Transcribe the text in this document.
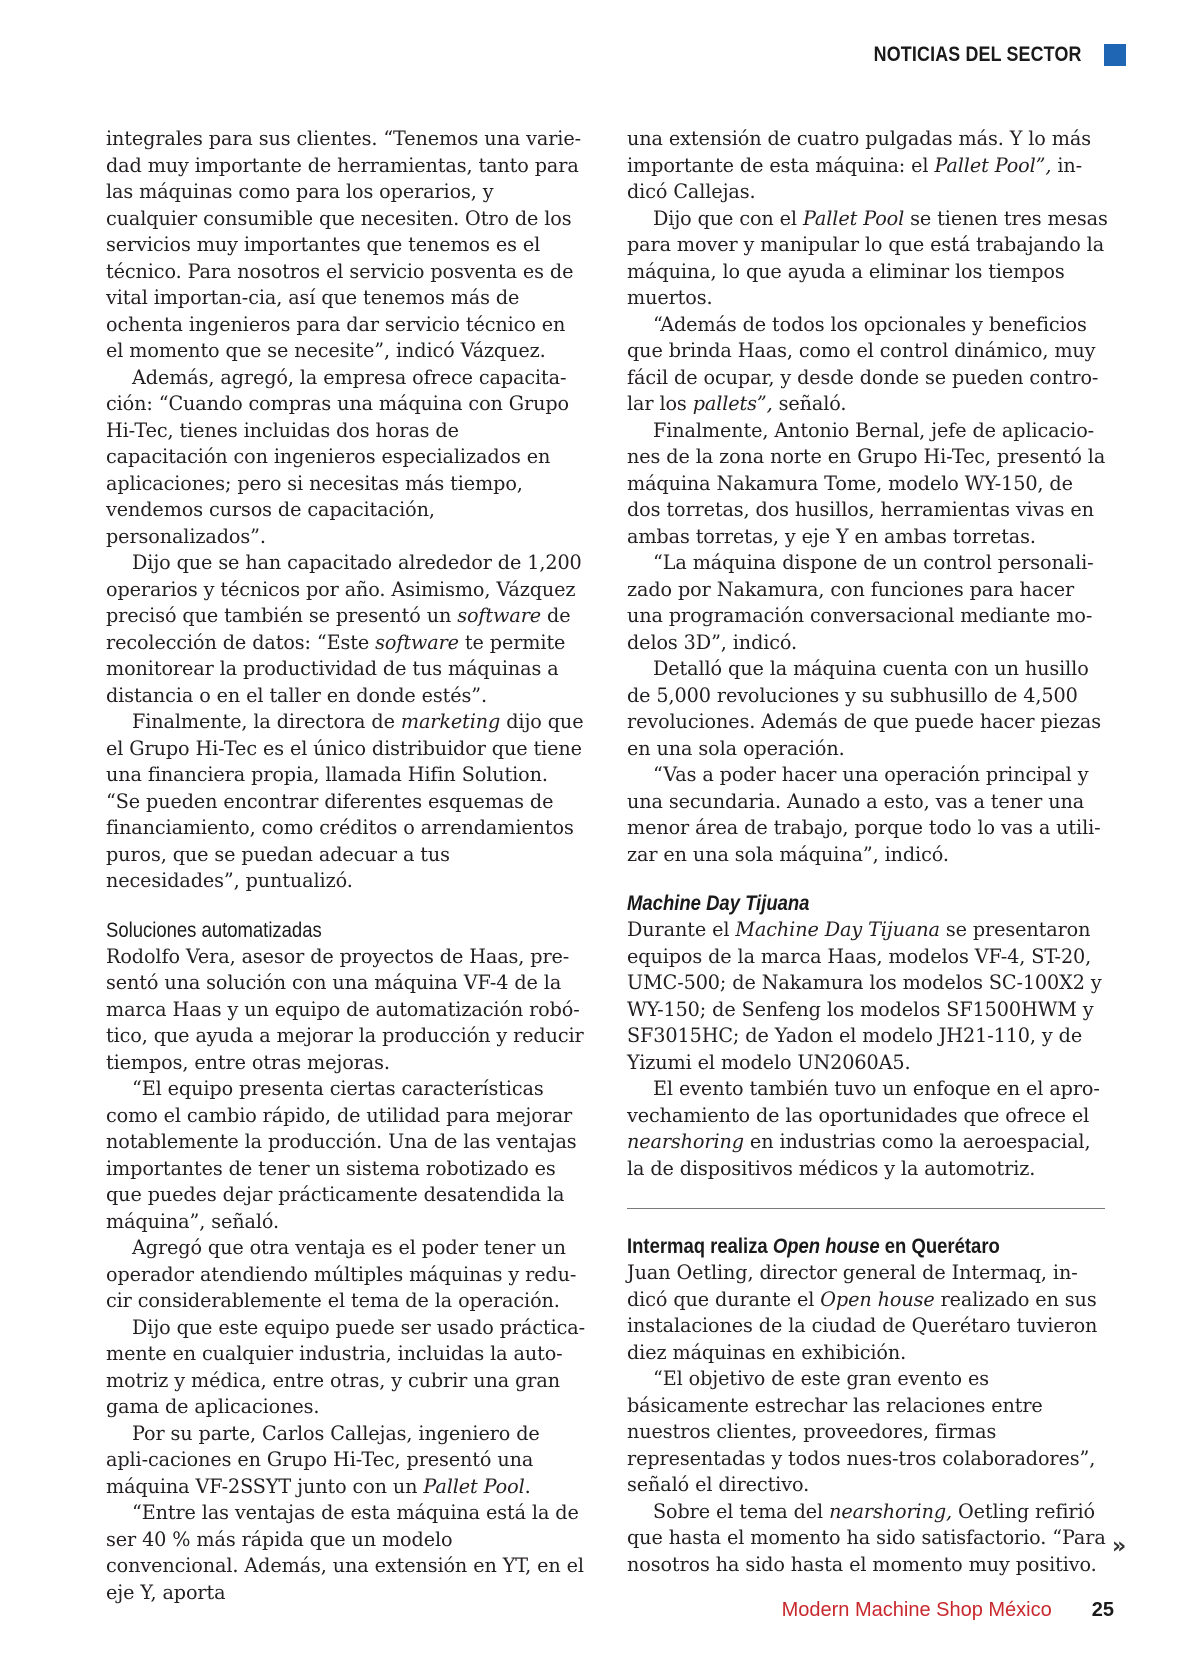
NOTICIAS DEL SECTOR

integrales para sus clientes. “Tenemos una varie-dad muy importante de herramientas, tanto para las máquinas como para los operarios, y cualquier consumible que necesiten. Otro de los servicios muy importantes que tenemos es el técnico. Para nosotros el servicio posventa es de vital importan-cia, así que tenemos más de ochenta ingenieros para dar servicio técnico en el momento que se necesite”, indicó Vázquez.

Además, agregó, la empresa ofrece capacita-ción: “Cuando compras una máquina con Grupo Hi-Tec, tienes incluidas dos horas de capacitación con ingenieros especializados en aplicaciones; pero si necesitas más tiempo, vendemos cursos de capacitación, personalizados”.

Dijo que se han capacitado alrededor de 1,200 operarios y técnicos por año. Asimismo, Vázquez precisó que también se presentó un software de recolección de datos: “Este software te permite monitorear la productividad de tus máquinas a distancia o en el taller en donde estés”.

Finalmente, la directora de marketing dijo que el Grupo Hi-Tec es el único distribuidor que tiene una financiera propia, llamada Hifin Solution. “Se pueden encontrar diferentes esquemas de financiamiento, como créditos o arrendamientos puros, que se puedan adecuar a tus necesidades”, puntualizó.

Soluciones automatizadas

Rodolfo Vera, asesor de proyectos de Haas, pre-sentó una solución con una máquina VF-4 de la marca Haas y un equipo de automatización robó-tico, que ayuda a mejorar la producción y reducir tiempos, entre otras mejoras.

“El equipo presenta ciertas características como el cambio rápido, de utilidad para mejorar notablemente la producción. Una de las ventajas importantes de tener un sistema robotizado es que puedes dejar prácticamente desatendida la máquina”, señaló.

Agregó que otra ventaja es el poder tener un operador atendiendo múltiples máquinas y redu-cir considerablemente el tema de la operación.

Dijo que este equipo puede ser usado práctica-mente en cualquier industria, incluidas la auto-motriz y médica, entre otras, y cubrir una gran gama de aplicaciones.

Por su parte, Carlos Callejas, ingeniero de apli-caciones en Grupo Hi-Tec, presentó una máquina VF-2SSYT junto con un Pallet Pool.

“Entre las ventajas de esta máquina está la de ser 40 % más rápida que un modelo convencional. Además, una extensión en YT, en el eje Y, aporta

una extensión de cuatro pulgadas más. Y lo más importante de esta máquina: el Pallet Pool”, in-dicó Callejas.

Dijo que con el Pallet Pool se tienen tres mesas para mover y manipular lo que está trabajando la máquina, lo que ayuda a eliminar los tiempos muertos.

“Además de todos los opcionales y beneficios que brinda Haas, como el control dinámico, muy fácil de ocupar, y desde donde se pueden contro-lar los pallets”, señaló.

Finalmente, Antonio Bernal, jefe de aplicacio-nes de la zona norte en Grupo Hi-Tec, presentó la máquina Nakamura Tome, modelo WY-150, de dos torretas, dos husillos, herramientas vivas en ambas torretas, y eje Y en ambas torretas.

“La máquina dispone de un control personali-zado por Nakamura, con funciones para hacer una programación conversacional mediante mo-delos 3D”, indicó.

Detalló que la máquina cuenta con un husillo de 5,000 revoluciones y su subhusillo de 4,500 revoluciones. Además de que puede hacer piezas en una sola operación.

“Vas a poder hacer una operación principal y una secundaria. Aunado a esto, vas a tener una menor área de trabajo, porque todo lo vas a utili-zar en una sola máquina”, indicó.

Machine Day Tijuana

Durante el Machine Day Tijuana se presentaron equipos de la marca Haas, modelos VF-4, ST-20, UMC-500; de Nakamura los modelos SC-100X2 y WY-150; de Senfeng los modelos SF1500HWM y SF3015HC; de Yadon el modelo JH21-110, y de Yizumi el modelo UN2060A5.

El evento también tuvo un enfoque en el apro-vechamiento de las oportunidades que ofrece el nearshoring en industrias como la aeroespacial, la de dispositivos médicos y la automotriz.

Intermaq realiza Open house en Querétaro

Juan Oetling, director general de Intermaq, in-dicó que durante el Open house realizado en sus instalaciones de la ciudad de Querétaro tuvieron diez máquinas en exhibición.

“El objetivo de este gran evento es básicamente estrechar las relaciones entre nuestros clientes, proveedores, firmas representadas y todos nues-tros colaboradores”, señaló el directivo.

Sobre el tema del nearshoring, Oetling refirió que hasta el momento ha sido satisfactorio. “Para nosotros ha sido hasta el momento muy positivo.

»
Modern Machine Shop México 25
